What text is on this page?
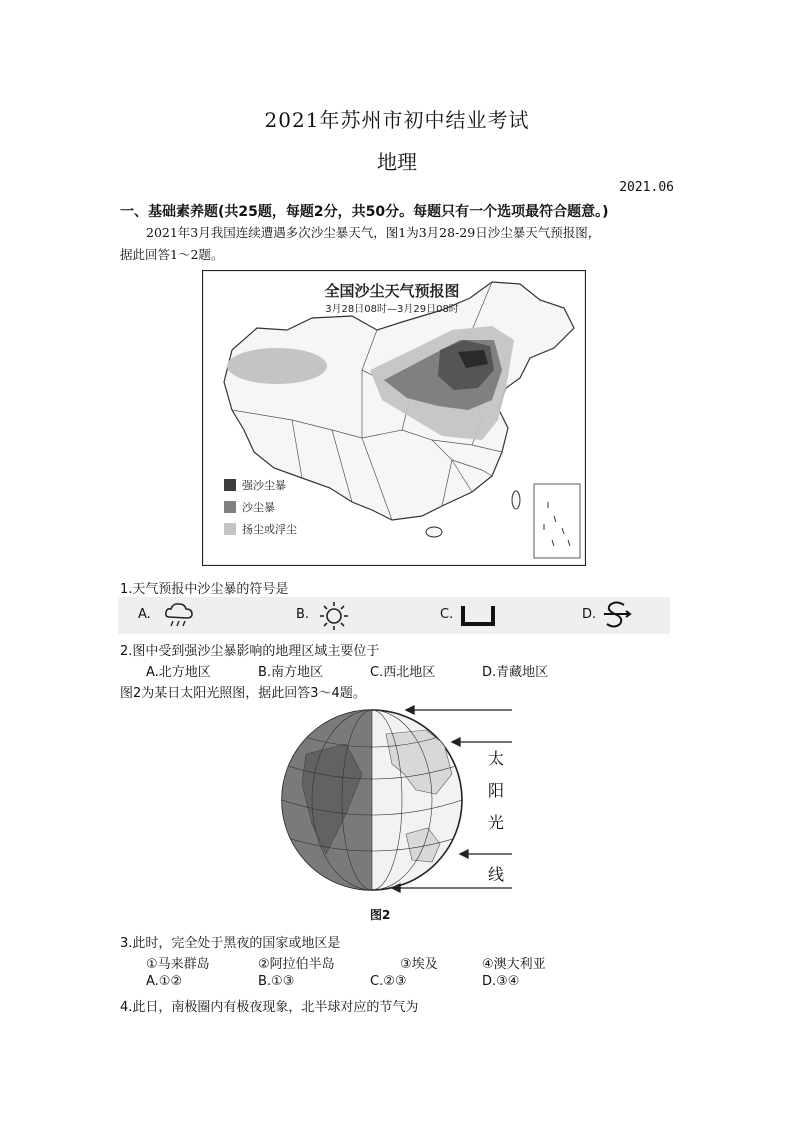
2021年苏州市初中结业考试
地理
2021.06
一、基础素养题(共25题，每题2分，共50分。每题只有一个选项最符合题意。)
2021年3月我国连续遭遇多次沙尘暴天气，图1为3月28-29日沙尘暴天气预报图，
据此回答1～2题。
全国沙尘天气预报图
3月28日08时—3月29日08时
强沙尘暴
沙尘暴
扬尘或浮尘
1.天气预报中沙尘暴的符号是
A.	B.	C.	D.
2.图中受到强沙尘暴影响的地理区域主要位于
A.北方地区	B.南方地区	C.西北地区	D.青藏地区
图2为某日太阳光照图，据此回答3～4题。
太
阳
光
线
图2
3.此时，完全处于黑夜的国家或地区是
①马来群岛	②阿拉伯半岛	③埃及	④澳大利亚
A.①②	B.①③	C.②③	D.③④
4.此日，南极圈内有极夜现象，北半球对应的节气为
